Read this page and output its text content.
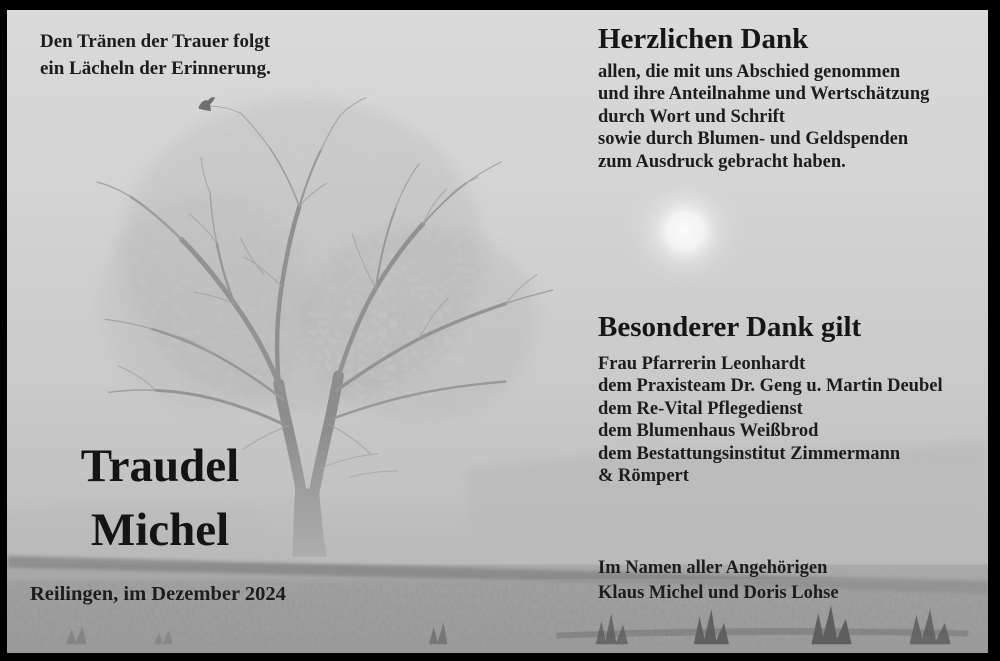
Den Tränen der Trauer folgt
ein Lächeln der Erinnerung.
Herzlichen Dank
allen, die mit uns Abschied genommen
und ihre Anteilnahme und Wertschätzung
durch Wort und Schrift
sowie durch Blumen- und Geldspenden
zum Ausdruck gebracht haben.
Besonderer Dank gilt
Frau Pfarrerin Leonhardt
dem Praxisteam Dr. Geng u. Martin Deubel
dem Re-Vital Pflegedienst
dem Blumenhaus Weißbrod
dem Bestattungsinstitut Zimmermann
& Römpert
Traudel
Michel
Reilingen, im Dezember 2024
Im Namen aller Angehörigen
Klaus Michel und Doris Lohse
